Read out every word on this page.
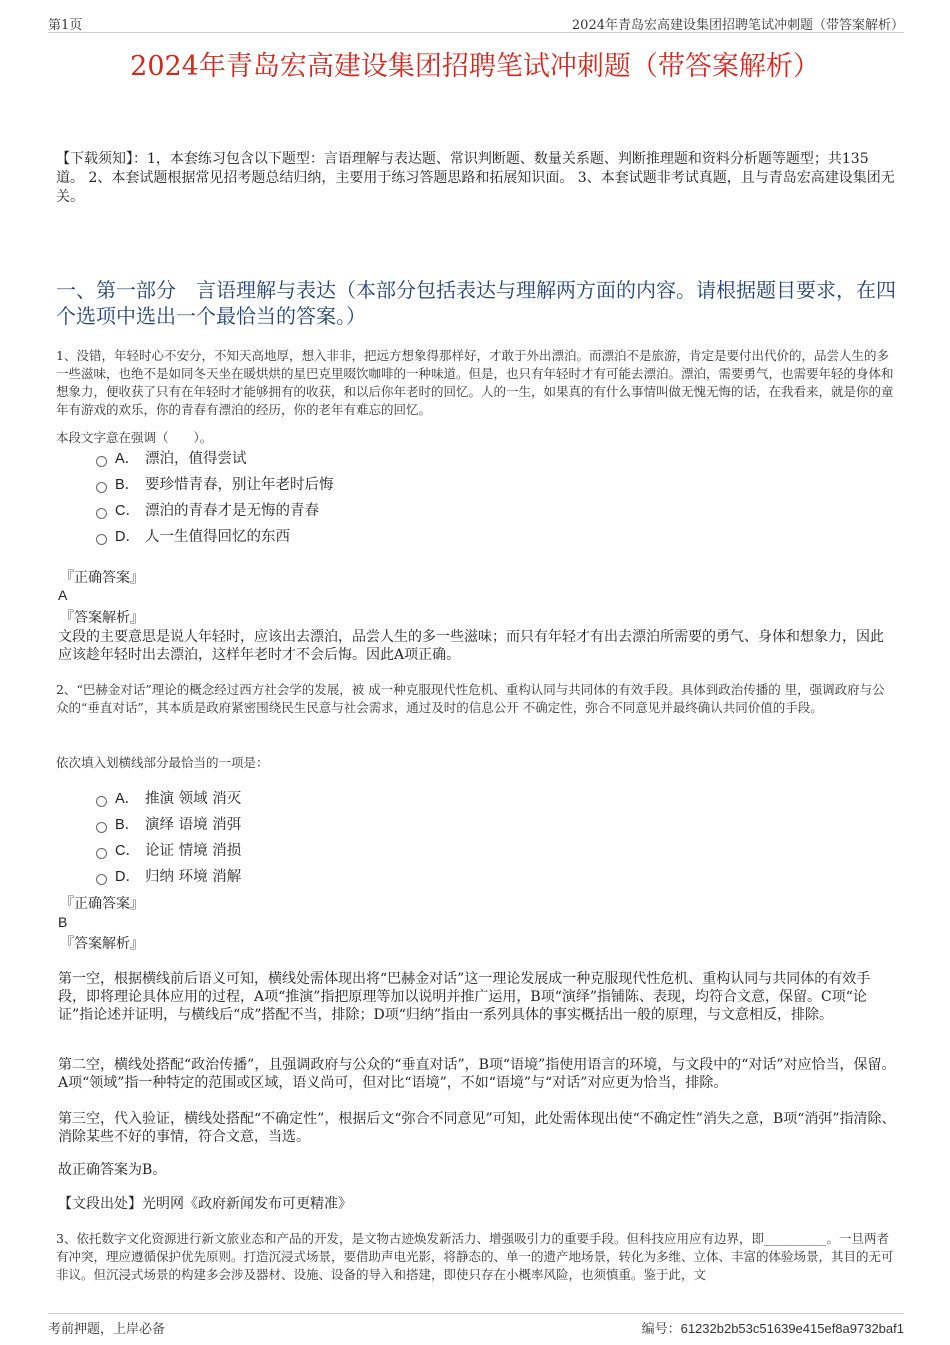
第1页	2024年青岛宏高建设集团招聘笔试冲刺题（带答案解析）
2024年青岛宏高建设集团招聘笔试冲刺题（带答案解析）
【下载须知】：1，本套练习包含以下题型：言语理解与表达题、常识判断题、数量关系题、判断推理题和资料分析题等题型；共135道。 2、本套试题根据常见招考题总结归纳，主要用于练习答题思路和拓展知识面。 3、本套试题非考试真题，且与青岛宏高建设集团无关。
一、第一部分　言语理解与表达（本部分包括表达与理解两方面的内容。请根据题目要求，在四个选项中选出一个最恰当的答案。）
1、没错，年轻时心不安分，不知天高地厚，想入非非，把远方想象得那样好，才敢于外出漂泊。而漂泊不是旅游，肯定是要付出代价的，品尝人生的多一些滋味，也绝不是如同冬天坐在暖烘烘的星巴克里啜饮咖啡的一种味道。但是，也只有年轻时才有可能去漂泊。漂泊，需要勇气，也需要年轻的身体和想象力，便收获了只有在年轻时才能够拥有的收获，和以后你年老时的回忆。人的一生，如果真的有什么事情叫做无愧无悔的话，在我看来，就是你的童年有游戏的欢乐，你的青春有漂泊的经历，你的老年有难忘的回忆。
本段文字意在强调（　　）。
A． 漂泊，值得尝试
B． 要珍惜青春，别让年老时后悔
C． 漂泊的青春才是无悔的青春
D． 人一生值得回忆的东西
『正确答案』
A
『答案解析』
文段的主要意思是说人年轻时，应该出去漂泊，品尝人生的多一些滋味；而只有年轻才有出去漂泊所需要的勇气、身体和想象力，因此应该趁年轻时出去漂泊，这样年老时才不会后悔。因此A项正确。
2、“巴赫金对话”理论的概念经过西方社会学的发展，被 成一种克服现代性危机、重构认同与共同体的有效手段。具体到政治传播的 里，强调政府与公众的“垂直对话”，其本质是政府紧密围绕民生民意与社会需求，通过及时的信息公开 不确定性，弥合不同意见并最终确认共同价值的手段。
依次填入划横线部分最恰当的一项是：
A． 推演 领域 消灭
B． 演绎 语境 消弭
C． 论证 情境 消损
D． 归纳 环境 消解
『正确答案』
B
『答案解析』
第一空，根据横线前后语义可知，横线处需体现出将“巴赫金对话”这一理论发展成一种克服现代性危机、重构认同与共同体的有效手段，即将理论具体应用的过程，A项“推演”指把原理等加以说明并推广运用，B项“演绎”指铺陈、表现，均符合文意，保留。C项“论证”指论述并证明，与横线后“成”搭配不当，排除；D项“归纳”指由一系列具体的事实概括出一般的原理，与文意相反，排除。
第二空，横线处搭配“政治传播”，且强调政府与公众的“垂直对话”，B项“语境”指使用语言的环境，与文段中的“对话”对应恰当，保留。A项“领域”指一种特定的范围或区域，语义尚可，但对比“语境”，不如“语境”与“对话”对应更为恰当，排除。
第三空，代入验证，横线处搭配“不确定性”，根据后文“弥合不同意见”可知，此处需体现出使“不确定性”消失之意，B项“消弭”指清除、消除某些不好的事情，符合文意，当选。
故正确答案为B。
【文段出处】光明网《政府新闻发布可更精准》
3、依托数字文化资源进行新文旅业态和产品的开发，是文物古迹焕发新活力、增强吸引力的重要手段。但科技应用应有边界，即__________。一旦两者有冲突，理应遵循保护优先原则。打造沉浸式场景，要借助声电光影，将静态的、单一的遗产地场景，转化为多维、立体、丰富的体验场景，其目的无可非议。但沉浸式场景的构建多会涉及器材、设施、设备的导入和搭建，即使只存在小概率风险，也须慎重。鉴于此，文
考前押题，上岸必备	编号：61232b2b53c51639e415ef8a9732baf1
